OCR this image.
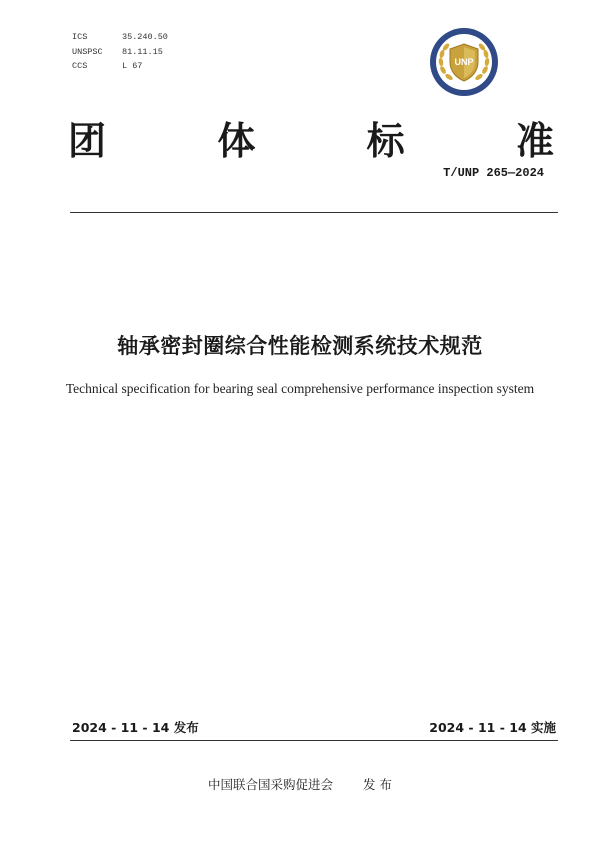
ICS	35.240.50
UNSPSC	81.11.15
CCS	L 67	UNP
团	体	标	准
T/UNP 265—2024
轴承密封圈综合性能检测系统技术规范
Technical specification for bearing seal comprehensive performance inspection system
2024 - 11 - 14 发布	2024 - 11 - 14 实施
中国联合国采购促进会 发 布
